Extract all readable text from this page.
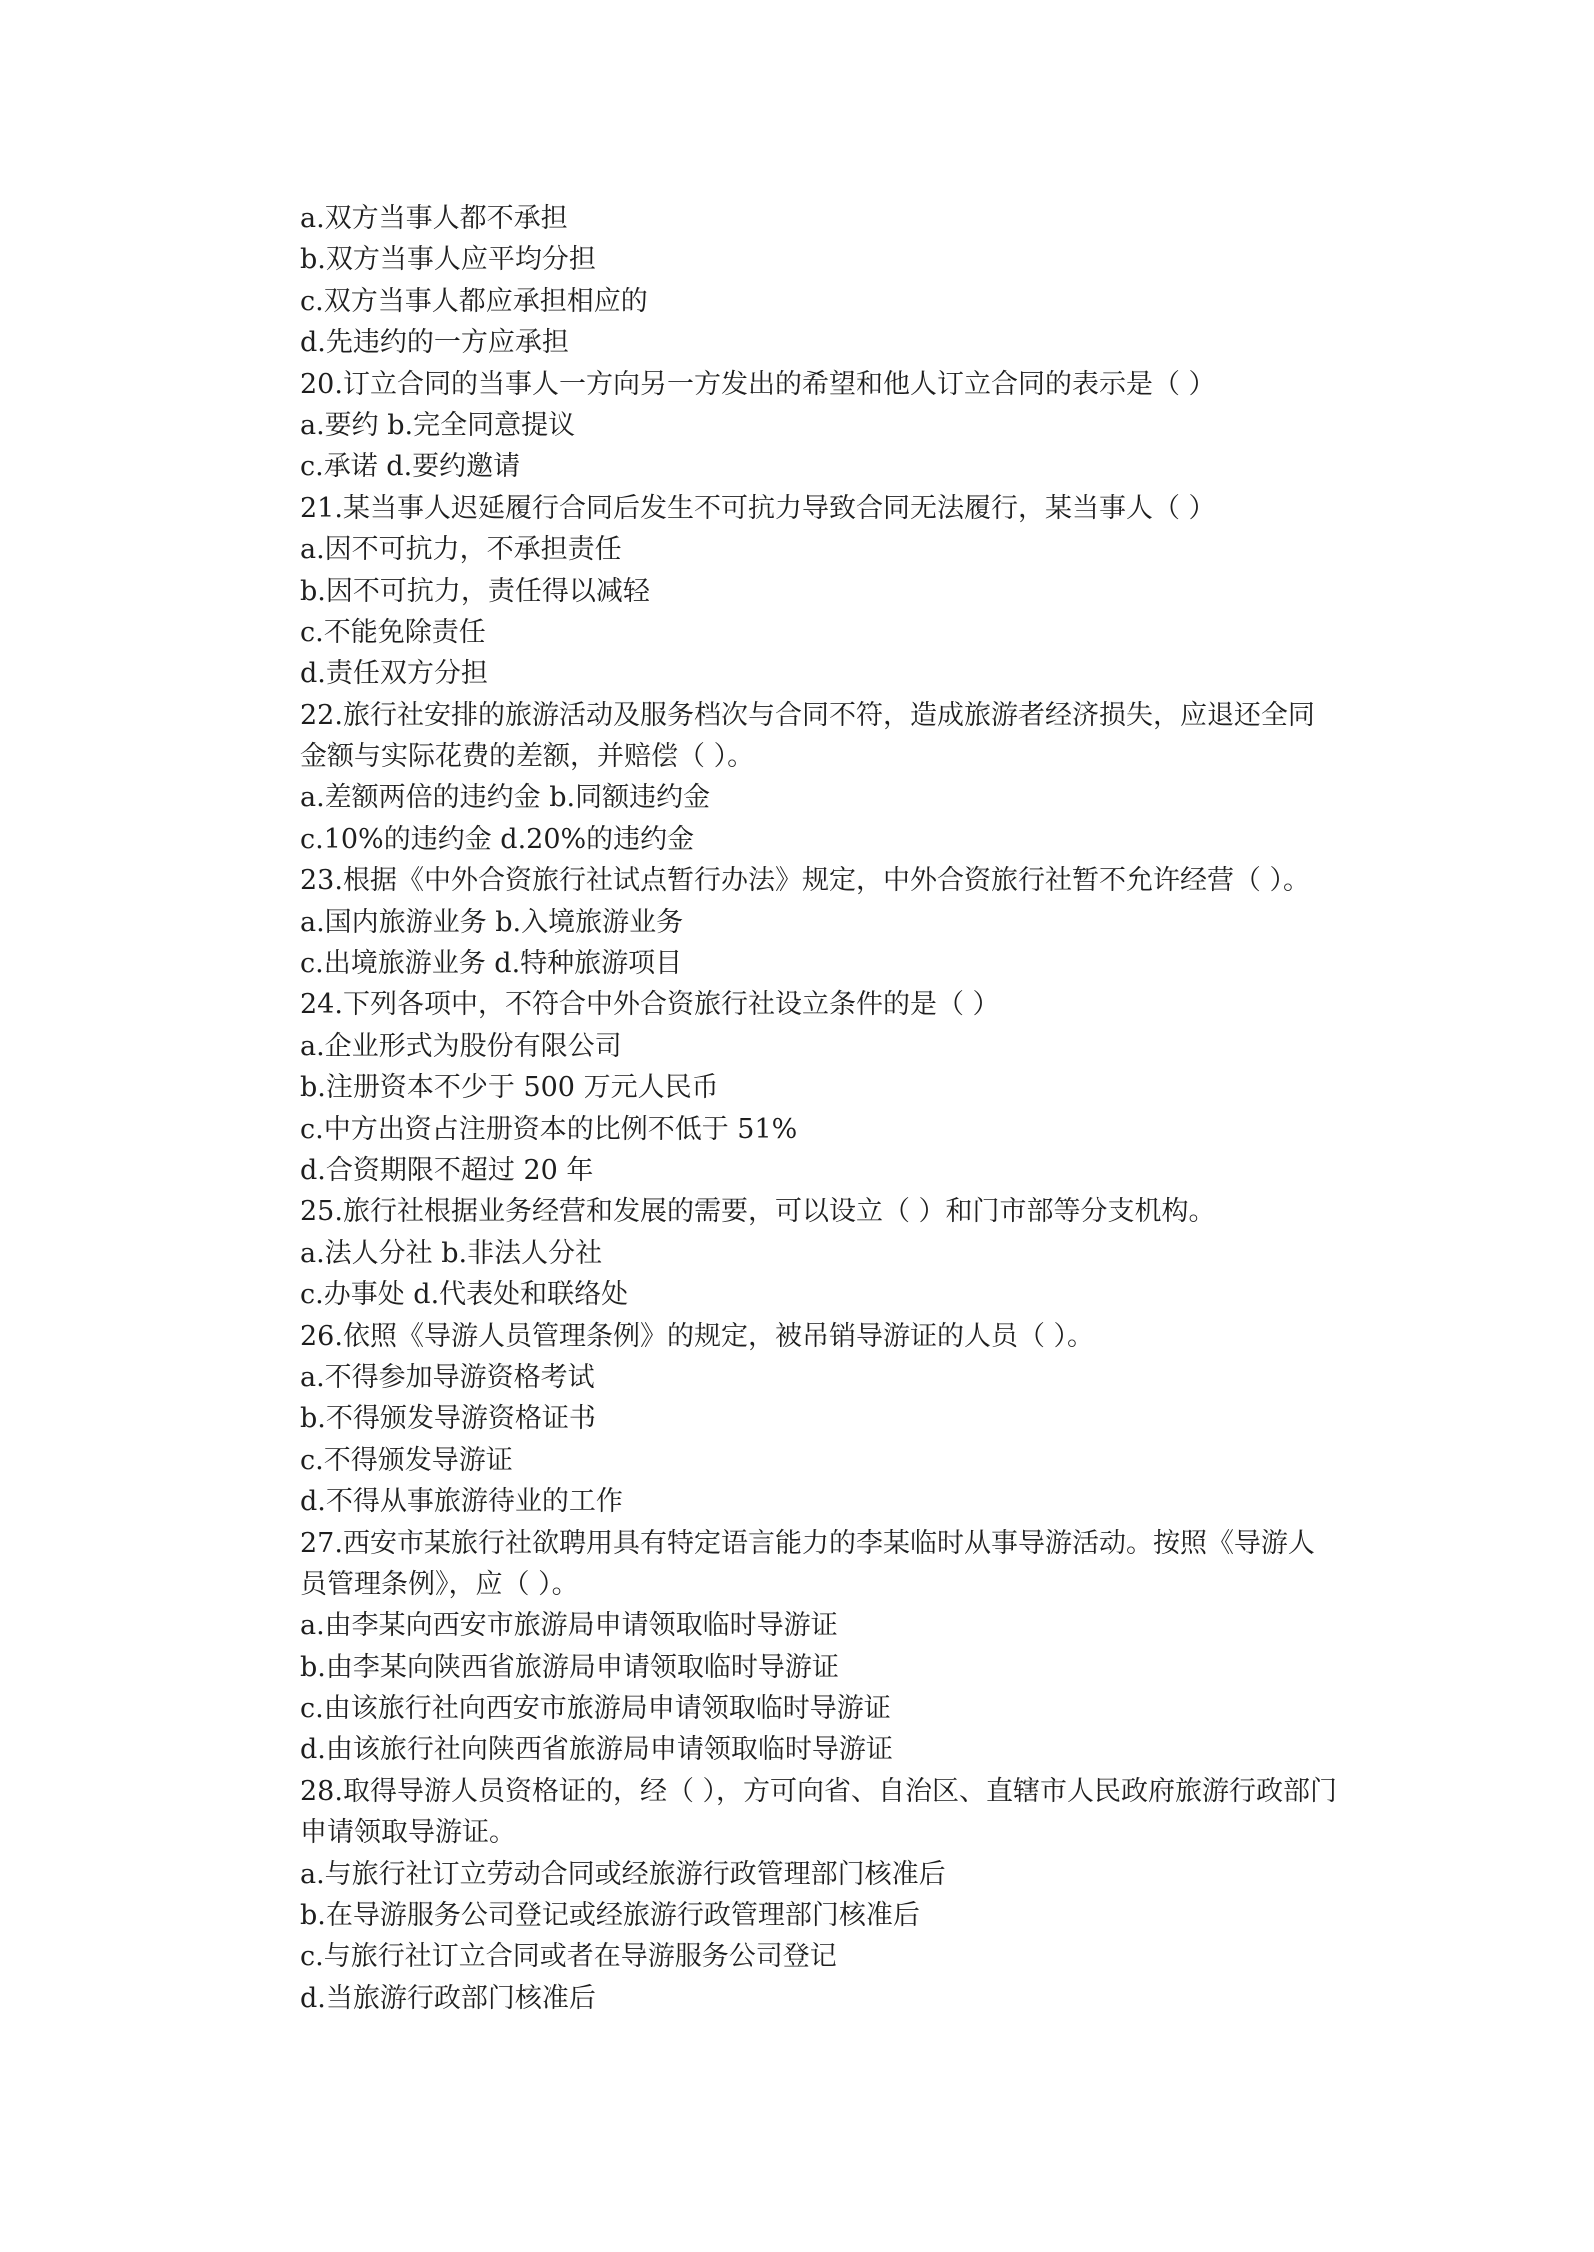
a.双方当事人都不承担
b.双方当事人应平均分担
c.双方当事人都应承担相应的
d.先违约的一方应承担
20.订立合同的当事人一方向另一方发出的希望和他人订立合同的表示是（ ）
a.要约 b.完全同意提议
c.承诺 d.要约邀请
21.某当事人迟延履行合同后发生不可抗力导致合同无法履行，某当事人（ ）
a.因不可抗力，不承担责任
b.因不可抗力，责任得以减轻
c.不能免除责任
d.责任双方分担
22.旅行社安排的旅游活动及服务档次与合同不符，造成旅游者经济损失，应退还全同
金额与实际花费的差额，并赔偿（ ）。
a.差额两倍的违约金 b.同额违约金
c.10%的违约金 d.20%的违约金
23.根据《中外合资旅行社试点暂行办法》规定，中外合资旅行社暂不允许经营（ ）。
a.国内旅游业务 b.入境旅游业务
c.出境旅游业务 d.特种旅游项目
24.下列各项中，不符合中外合资旅行社设立条件的是（ ）
a.企业形式为股份有限公司
b.注册资本不少于 500 万元人民币
c.中方出资占注册资本的比例不低于 51%
d.合资期限不超过 20 年
25.旅行社根据业务经营和发展的需要，可以设立（ ）和门市部等分支机构。
a.法人分社 b.非法人分社
c.办事处 d.代表处和联络处
26.依照《导游人员管理条例》的规定，被吊销导游证的人员（ ）。
a.不得参加导游资格考试
b.不得颁发导游资格证书
c.不得颁发导游证
d.不得从事旅游待业的工作
27.西安市某旅行社欲聘用具有特定语言能力的李某临时从事导游活动。按照《导游人
员管理条例》，应（ ）。
a.由李某向西安市旅游局申请领取临时导游证
b.由李某向陕西省旅游局申请领取临时导游证
c.由该旅行社向西安市旅游局申请领取临时导游证
d.由该旅行社向陕西省旅游局申请领取临时导游证
28.取得导游人员资格证的，经（ ），方可向省、自治区、直辖市人民政府旅游行政部门
申请领取导游证。
a.与旅行社订立劳动合同或经旅游行政管理部门核准后
b.在导游服务公司登记或经旅游行政管理部门核准后
c.与旅行社订立合同或者在导游服务公司登记
d.当旅游行政部门核准后
